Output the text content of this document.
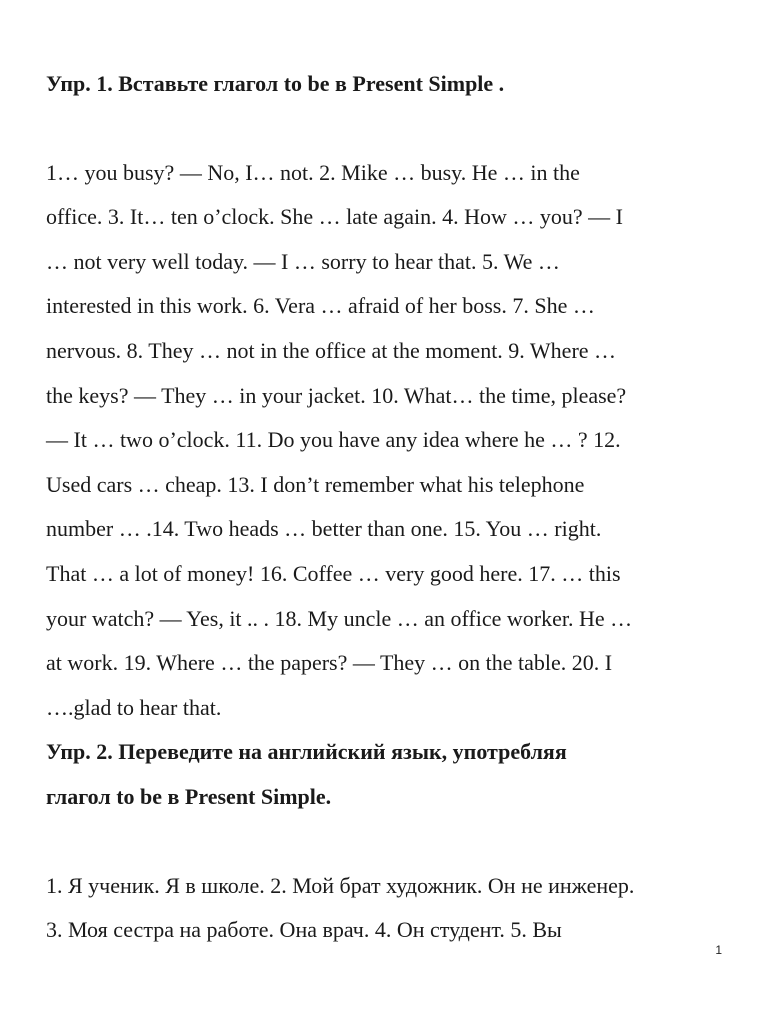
Упр. 1. Вставьте глагол to be в Present Simple .

1… you busy? — No, I… not. 2. Mike … busy. He … in the

office. 3. It… ten o’clock. She … late again. 4. How … you? — I

… not very well today. — I … sorry to hear that. 5. We …

interested in this work. 6. Vera … afraid of her boss. 7. She …

nervous. 8. They … not in the office at the moment. 9. Where …

the keys? — They … in your jacket. 10. What… the time, please?

— It … two o’clock. 11. Do you have any idea where he … ? 12.

Used cars … cheap. 13. I don’t remember what his telephone

number … .14. Two heads … better than one. 15. You … right.

That … a lot of money! 16. Coffee … very good here. 17. … this

your watch? — Yes, it .. . 18. My uncle … an office worker. He …

at work. 19. Where … the papers? — They … on the table. 20. I

….glad to hear that.

Упр. 2. Переведите на английский язык, употребляя

глагол to be в Present Simple.

1. Я ученик. Я в школе. 2. Мой брат художник. Он не инженер.

3. Моя сестра на работе. Она врач. 4. Он студент. 5. Вы

1
